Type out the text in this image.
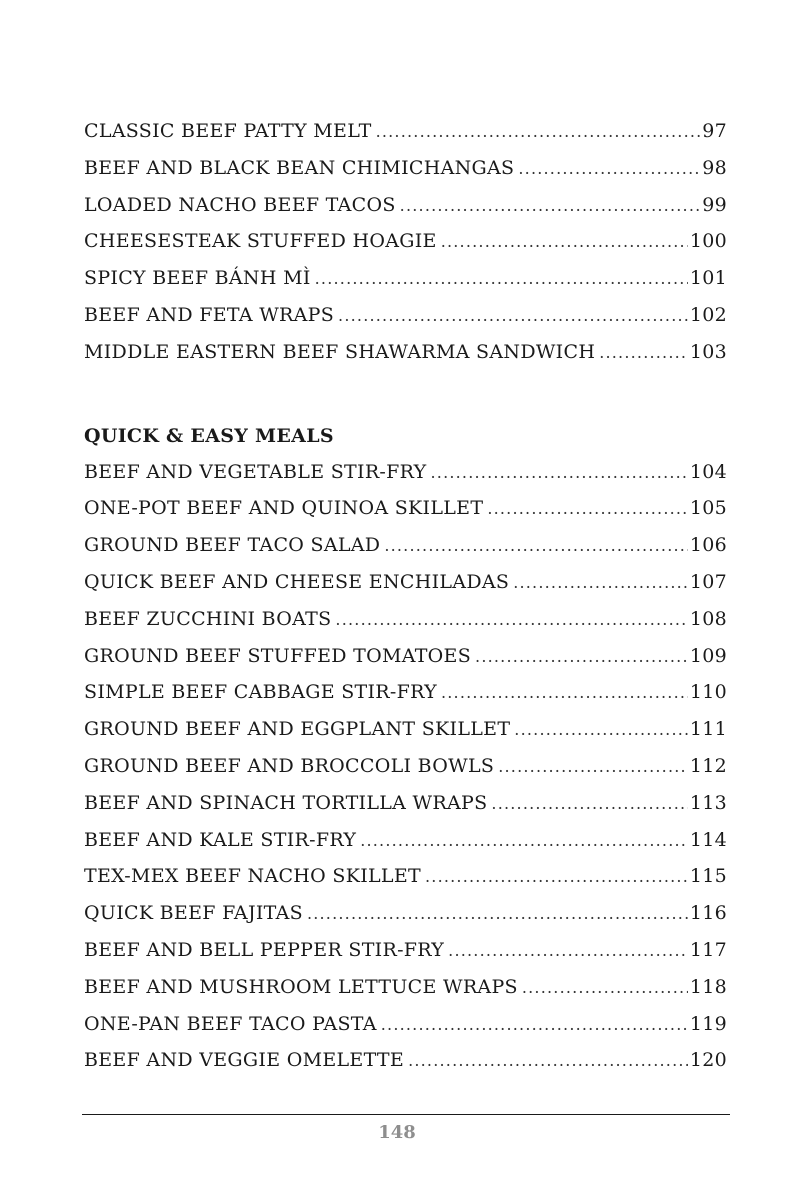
CLASSIC BEEF PATTY MELT .....	97
BEEF AND BLACK BEAN CHIMICHANGAS .....	98
LOADED NACHO BEEF TACOS .....	99
CHEESESTEAK STUFFED HOAGIE .....	100
SPICY BEEF BÁNH MÌ .....	101
BEEF AND FETA WRAPS .....	102
MIDDLE EASTERN BEEF SHAWARMA SANDWICH .....	103
QUICK & EASY MEALS
BEEF AND VEGETABLE STIR-FRY .....	104
ONE-POT BEEF AND QUINOA SKILLET .....	105
GROUND BEEF TACO SALAD .....	106
QUICK BEEF AND CHEESE ENCHILADAS .....	107
BEEF ZUCCHINI BOATS .....	108
GROUND BEEF STUFFED TOMATOES .....	109
SIMPLE BEEF CABBAGE STIR-FRY .....	110
GROUND BEEF AND EGGPLANT SKILLET .....	111
GROUND BEEF AND BROCCOLI BOWLS .....	112
BEEF AND SPINACH TORTILLA WRAPS .....	113
BEEF AND KALE STIR-FRY .....	114
TEX-MEX BEEF NACHO SKILLET .....	115
QUICK BEEF FAJITAS .....	116
BEEF AND BELL PEPPER STIR-FRY .....	117
BEEF AND MUSHROOM LETTUCE WRAPS .....	118
ONE-PAN BEEF TACO PASTA .....	119
BEEF AND VEGGIE OMELETTE .....	120
148
